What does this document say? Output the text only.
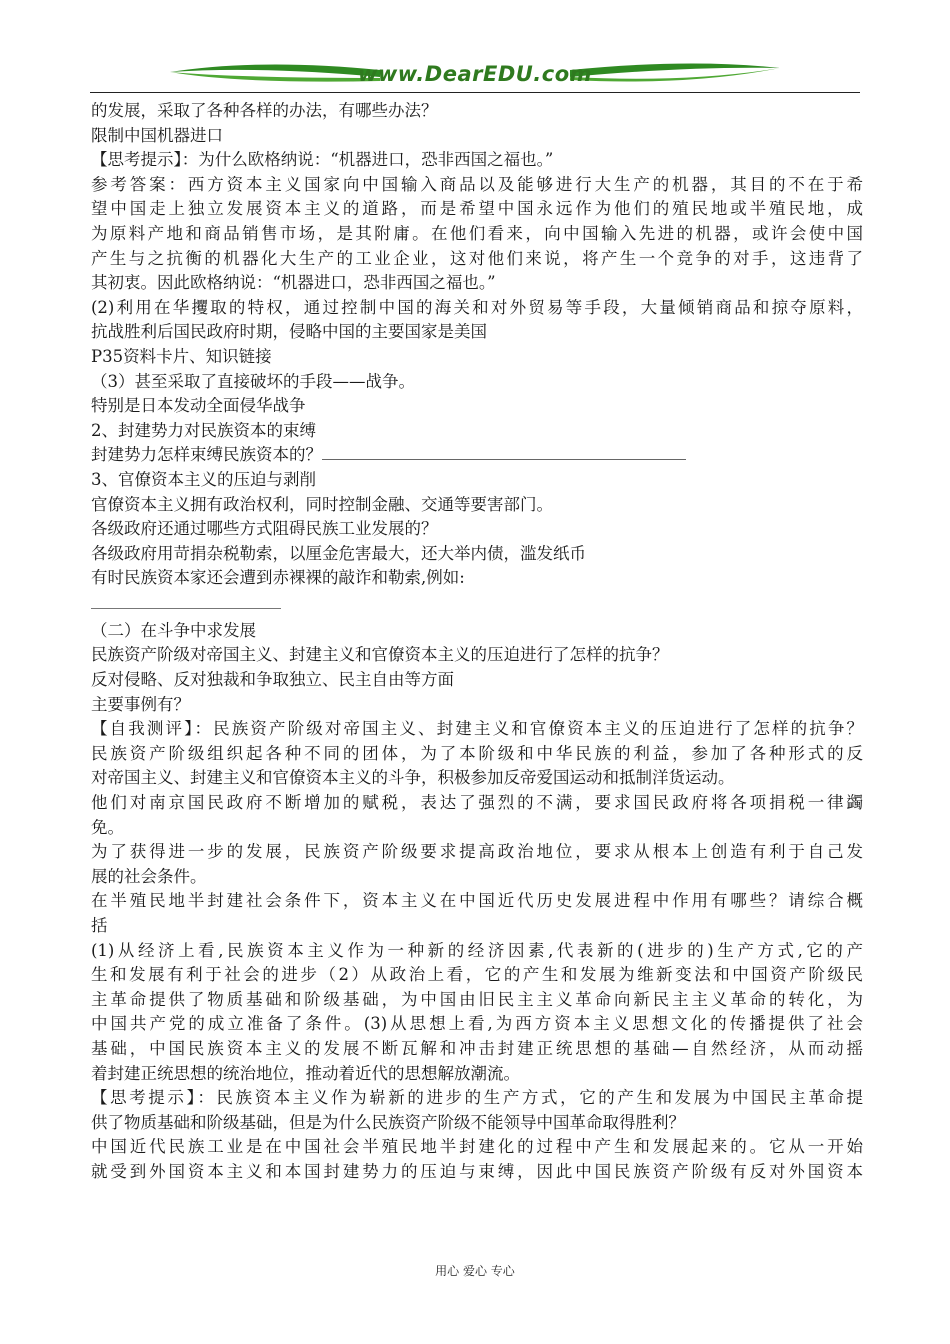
www.DearEDU.com
的发展，采取了各种各样的办法，有哪些办法？
限制中国机器进口
【思考提示】：为什么欧格纳说：“机器进口，恐非西国之福也。”
参考答案：西方资本主义国家向中国输入商品以及能够进行大生产的机器，其目的不在于希
望中国走上独立发展资本主义的道路，而是希望中国永远作为他们的殖民地或半殖民地，成
为原料产地和商品销售市场，是其附庸。在他们看来，向中国输入先进的机器，或许会使中国
产生与之抗衡的机器化大生产的工业企业，这对他们来说，将产生一个竞争的对手，这违背了
其初衷。因此欧格纳说：“机器进口，恐非西国之福也。”
(2)利用在华攫取的特权，通过控制中国的海关和对外贸易等手段，大量倾销商品和掠夺原料，
抗战胜利后国民政府时期，侵略中国的主要国家是美国
P35资料卡片、知识链接
（3）甚至采取了直接破坏的手段——战争。
特别是日本发动全面侵华战争
2、封建势力对民族资本的束缚
封建势力怎样束缚民族资本的？
3、官僚资本主义的压迫与剥削
官僚资本主义拥有政治权利，同时控制金融、交通等要害部门。
各级政府还通过哪些方式阻碍民族工业发展的？
各级政府用苛捐杂税勒索，以厘金危害最大，还大举内债，滥发纸币
有时民族资本家还会遭到赤裸裸的敲诈和勒索,例如:
（二）在斗争中求发展
民族资产阶级对帝国主义、封建主义和官僚资本主义的压迫进行了怎样的抗争？
反对侵略、反对独裁和争取独立、民主自由等方面
主要事例有？
【自我测评】：民族资产阶级对帝国主义、封建主义和官僚资本主义的压迫进行了怎样的抗争？
民族资产阶级组织起各种不同的团体，为了本阶级和中华民族的利益，参加了各种形式的反
对帝国主义、封建主义和官僚资本主义的斗争，积极参加反帝爱国运动和抵制洋货运动。
他们对南京国民政府不断增加的赋税，表达了强烈的不满，要求国民政府将各项捐税一律蠲
免。
为了获得进一步的发展，民族资产阶级要求提高政治地位，要求从根本上创造有利于自己发
展的社会条件。
在半殖民地半封建社会条件下，资本主义在中国近代历史发展进程中作用有哪些？请综合概
括
(1)从经济上看,民族资本主义作为一种新的经济因素,代表新的(进步的)生产方式,它的产
生和发展有利于社会的进步（2）从政治上看，它的产生和发展为维新变法和中国资产阶级民
主革命提供了物质基础和阶级基础，为中国由旧民主主义革命向新民主主义革命的转化，为
中国共产党的成立准备了条件。(3)从思想上看,为西方资本主义思想文化的传播提供了社会
基础，中国民族资本主义的发展不断瓦解和冲击封建正统思想的基础—自然经济，从而动摇
着封建正统思想的统治地位，推动着近代的思想解放潮流。
【思考提示】：民族资本主义作为崭新的进步的生产方式，它的产生和发展为中国民主革命提
供了物质基础和阶级基础，但是为什么民族资产阶级不能领导中国革命取得胜利？
中国近代民族工业是在中国社会半殖民地半封建化的过程中产生和发展起来的。它从一开始
就受到外国资本主义和本国封建势力的压迫与束缚，因此中国民族资产阶级有反对外国资本
用心 爱心 专心
